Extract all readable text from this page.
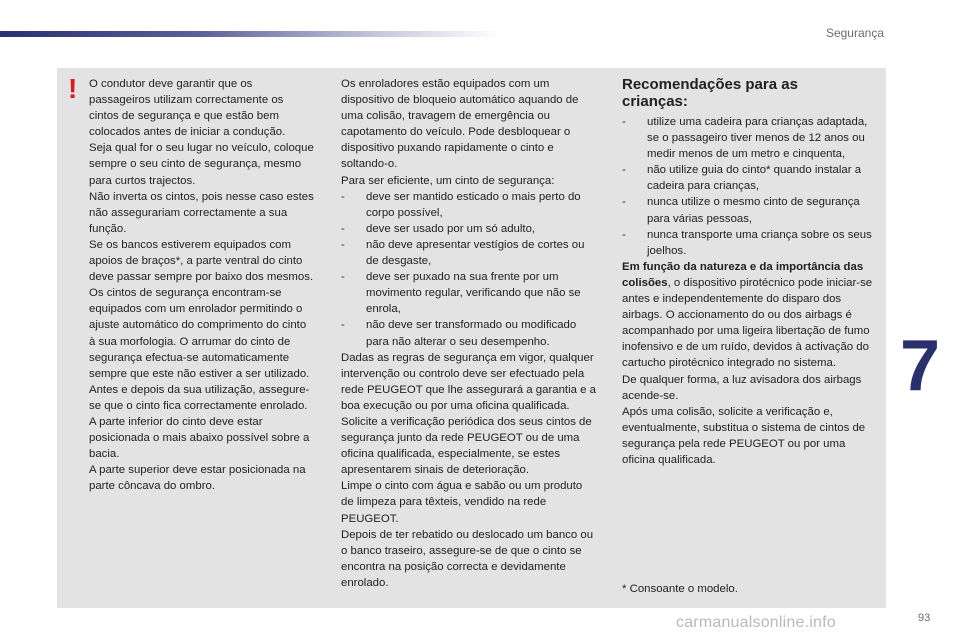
Segurança
!	O condutor deve garantir que os passageiros utilizam correctamente os cintos de segurança e que estão bem colocados antes de iniciar a condução.

Seja qual for o seu lugar no veículo, coloque sempre o seu cinto de segurança, mesmo para curtos trajectos.

Não inverta os cintos, pois nesse caso estes não assegurariam correctamente a sua função.

Se os bancos estiverem equipados com apoios de braços*, a parte ventral do cinto deve passar sempre por baixo dos mesmos.

Os cintos de segurança encontram-se equipados com um enrolador permitindo o ajuste automático do comprimento do cinto à sua morfologia. O arrumar do cinto de segurança efectua-se automaticamente sempre que este não estiver a ser utilizado.

Antes e depois da sua utilização, assegure-se que o cinto fica correctamente enrolado.

A parte inferior do cinto deve estar posicionada o mais abaixo possível sobre a bacia.

A parte superior deve estar posicionada na parte côncava do ombro.

Os enroladores estão equipados com um dispositivo de bloqueio automático aquando de uma colisão, travagem de emergência ou capotamento do veículo. Pode desbloquear o dispositivo puxando rapidamente o cinto e soltando-o.

Para ser eficiente, um cinto de segurança:

- deve ser mantido esticado o mais perto do corpo possível,

- deve ser usado por um só adulto,

- não deve apresentar vestígios de cortes ou de desgaste,

- deve ser puxado na sua frente por um movimento regular, verificando que não se enrola,

- não deve ser transformado ou modificado para não alterar o seu desempenho.

Dadas as regras de segurança em vigor, qualquer intervenção ou controlo deve ser efectuado pela rede PEUGEOT que lhe assegurará a garantia e a boa execução ou por uma oficina qualificada.

Solicite a verificação periódica dos seus cintos de segurança junto da rede PEUGEOT ou de uma oficina qualificada, especialmente, se estes apresentarem sinais de deterioração.

Limpe o cinto com água e sabão ou um produto de limpeza para têxteis, vendido na rede PEUGEOT.

Depois de ter rebatido ou deslocado um banco ou o banco traseiro, assegure-se de que o cinto se encontra na posição correcta e devidamente enrolado.

Recomendações para as crianças:

- utilize uma cadeira para crianças adaptada, se o passageiro tiver menos de 12 anos ou medir menos de um metro e cinquenta,

- não utilize guia do cinto* quando instalar a cadeira para crianças,

- nunca utilize o mesmo cinto de segurança para várias pessoas,

- nunca transporte uma criança sobre os seus joelhos.

Em função da natureza e da importância das colisões, o dispositivo pirotécnico pode iniciar-se antes e independentemente do disparo dos airbags. O accionamento do ou dos airbags é acompanhado por uma ligeira libertação de fumo inofensivo e de um ruído, devidos à activação do cartucho pirotécnico integrado no sistema.

De qualquer forma, a luz avisadora dos airbags acende-se.

Após uma colisão, solicite a verificação e, eventualmente, substitua o sistema de cintos de segurança pela rede PEUGEOT ou por uma oficina qualificada.

* Consoante o modelo.
7
carmanualsonline.info	93
